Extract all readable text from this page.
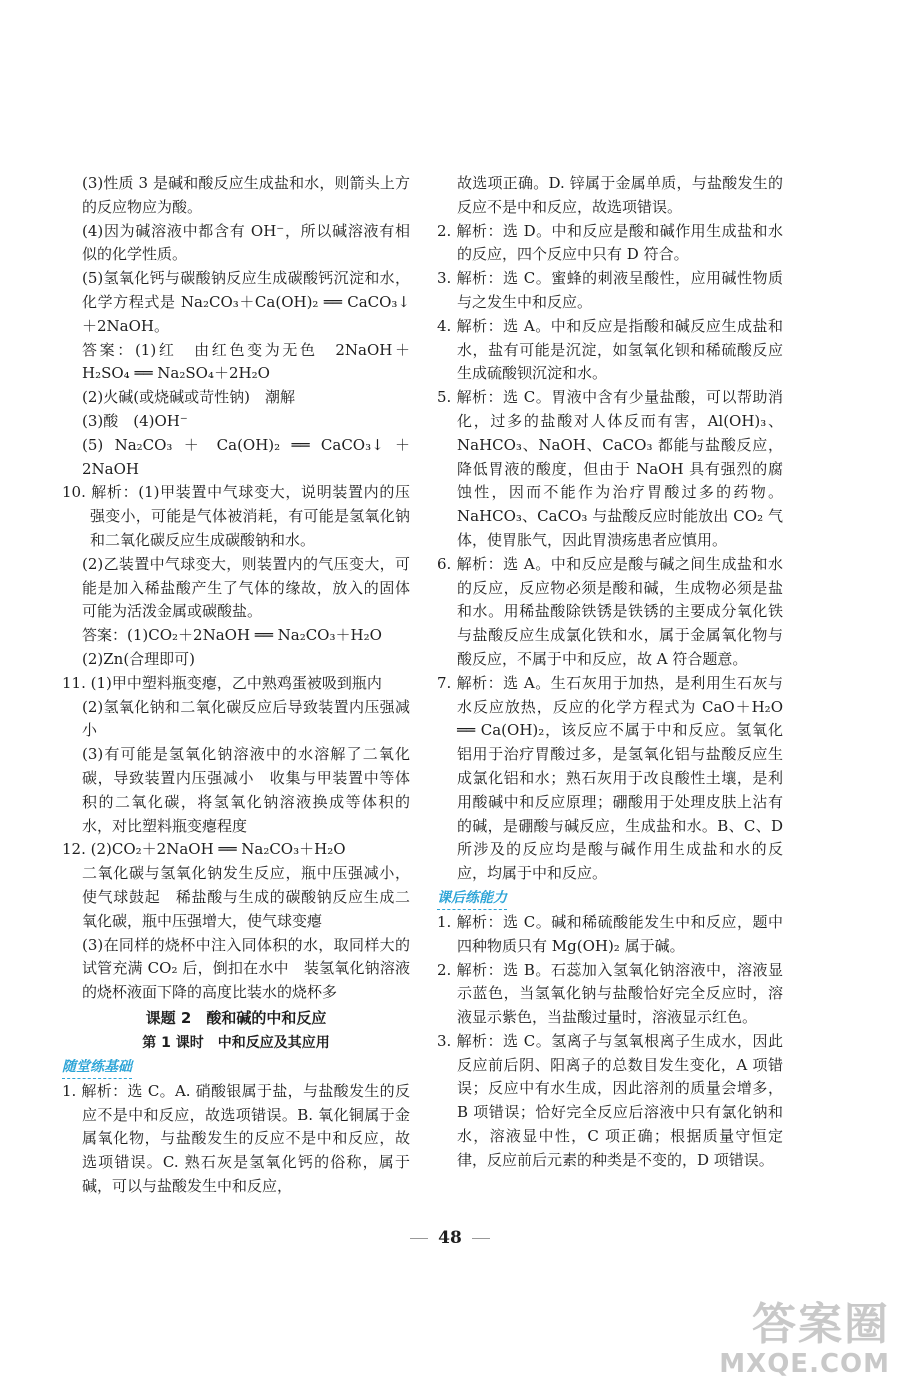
(3)性质 3 是碱和酸反应生成盐和水，则箭头上方的反应物应为酸。

(4)因为碱溶液中都含有 OH⁻，所以碱溶液有相似的化学性质。

(5)氢氧化钙与碳酸钠反应生成碳酸钙沉淀和水，化学方程式是 Na₂CO₃＋Ca(OH)₂ ══ CaCO₃↓＋2NaOH。

答案：(1)红　由红色变为无色　2NaOH＋H₂SO₄ ══ Na₂SO₄＋2H₂O

(2)火碱(或烧碱或苛性钠)　潮解

(3)酸　(4)OH⁻

(5) Na₂CO₃ ＋ Ca(OH)₂ ══ CaCO₃↓ ＋2NaOH

10. 解析：(1)甲装置中气球变大，说明装置内的压强变小，可能是气体被消耗，有可能是氢氧化钠和二氧化碳反应生成碳酸钠和水。

(2)乙装置中气球变大，则装置内的气压变大，可能是加入稀盐酸产生了气体的缘故，放入的固体可能为活泼金属或碳酸盐。

答案：(1)CO₂＋2NaOH ══ Na₂CO₃＋H₂O

(2)Zn(合理即可)

11. (1)甲中塑料瓶变瘪，乙中熟鸡蛋被吸到瓶内

(2)氢氧化钠和二氧化碳反应后导致装置内压强减小

(3)有可能是氢氧化钠溶液中的水溶解了二氧化碳，导致装置内压强减小　收集与甲装置中等体积的二氧化碳，将氢氧化钠溶液换成等体积的水，对比塑料瓶变瘪程度

12. (2)CO₂＋2NaOH ══ Na₂CO₃＋H₂O

二氧化碳与氢氧化钠发生反应，瓶中压强减小，使气球鼓起　稀盐酸与生成的碳酸钠反应生成二氧化碳，瓶中压强增大，使气球变瘪

(3)在同样的烧杯中注入同体积的水，取同样大的试管充满 CO₂ 后，倒扣在水中　装氢氧化钠溶液的烧杯液面下降的高度比装水的烧杯多

课题 2　酸和碱的中和反应
第 1 课时　中和反应及其应用
随堂练基础

1. 解析：选 C。A. 硝酸银属于盐，与盐酸发生的反应不是中和反应，故选项错误。B. 氧化铜属于金属氧化物，与盐酸发生的反应不是中和反应，故选项错误。C. 熟石灰是氢氧化钙的俗称，属于碱，可以与盐酸发生中和反应，

故选项正确。D. 锌属于金属单质，与盐酸发生的反应不是中和反应，故选项错误。

2. 解析：选 D。中和反应是酸和碱作用生成盐和水的反应，四个反应中只有 D 符合。

3. 解析：选 C。蜜蜂的刺液呈酸性，应用碱性物质与之发生中和反应。

4. 解析：选 A。中和反应是指酸和碱反应生成盐和水，盐有可能是沉淀，如氢氧化钡和稀硫酸反应生成硫酸钡沉淀和水。

5. 解析：选 C。胃液中含有少量盐酸，可以帮助消化，过多的盐酸对人体反而有害，Al(OH)₃、NaHCO₃、NaOH、CaCO₃ 都能与盐酸反应，降低胃液的酸度，但由于 NaOH 具有强烈的腐蚀性，因而不能作为治疗胃酸过多的药物。NaHCO₃、CaCO₃ 与盐酸反应时能放出 CO₂ 气体，使胃胀气，因此胃溃疡患者应慎用。

6. 解析：选 A。中和反应是酸与碱之间生成盐和水的反应，反应物必须是酸和碱，生成物必须是盐和水。用稀盐酸除铁锈是铁锈的主要成分氧化铁与盐酸反应生成氯化铁和水，属于金属氧化物与酸反应，不属于中和反应，故 A 符合题意。

7. 解析：选 A。生石灰用于加热，是利用生石灰与水反应放热，反应的化学方程式为 CaO＋H₂O ══ Ca(OH)₂，该反应不属于中和反应。氢氧化铝用于治疗胃酸过多，是氢氧化铝与盐酸反应生成氯化铝和水；熟石灰用于改良酸性土壤，是利用酸碱中和反应原理；硼酸用于处理皮肤上沾有的碱，是硼酸与碱反应，生成盐和水。B、C、D 所涉及的反应均是酸与碱作用生成盐和水的反应，均属于中和反应。

课后练能力

1. 解析：选 C。碱和稀硫酸能发生中和反应，题中四种物质只有 Mg(OH)₂ 属于碱。

2. 解析：选 B。石蕊加入氢氧化钠溶液中，溶液显示蓝色，当氢氧化钠与盐酸恰好完全反应时，溶液显示紫色，当盐酸过量时，溶液显示红色。

3. 解析：选 C。氢离子与氢氧根离子生成水，因此反应前后阴、阳离子的总数目发生变化，A 项错误；反应中有水生成，因此溶剂的质量会增多，B 项错误；恰好完全反应后溶液中只有氯化钠和水，溶液显中性，C 项正确；根据质量守恒定律，反应前后元素的种类是不变的，D 项错误。

48
答案圈
MXQE.COM
